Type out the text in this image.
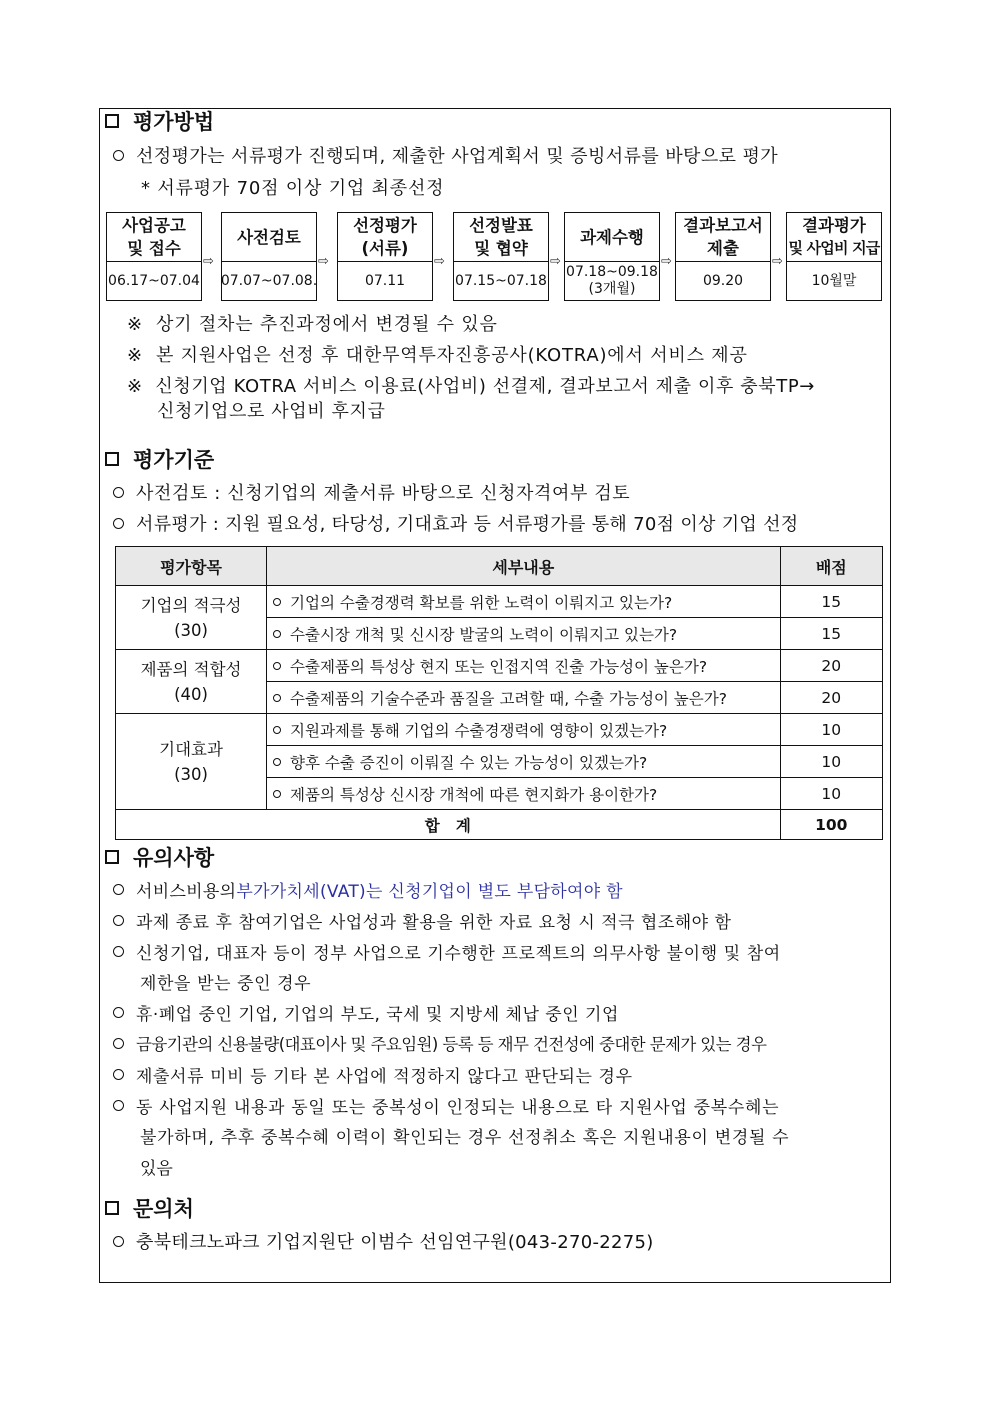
평가방법
선정평가는 서류평가 진행되며, 제출한 사업계획서 및 증빙서류를 바탕으로 평가
* 서류평가 70점 이상 기업 최종선정
사업공고
및 접수
06.17~07.04
⇨
사전검토
07.07~07.08.
⇨
선정평가
(서류)
07.11
⇨
선정발표
및 협약
07.15~07.18
⇨
과제수행
07.18~09.18
(3개월)
⇨
결과보고서
제출
09.20
⇨
결과평가
및 사업비 지급
10월말
※ 상기 절차는 추진과정에서 변경될 수 있음
※ 본 지원사업은 선정 후 대한무역투자진흥공사(KOTRA)에서 서비스 제공
※ 신청기업 KOTRA 서비스 이용료(사업비) 선결제, 결과보고서 제출 이후 충북TP→
신청기업으로 사업비 후지급
평가기준
사전검토 : 신청기업의 제출서류 바탕으로 신청자격여부 검토
서류평가 : 지원 필요성, 타당성, 기대효과 등 서류평가를 통해 70점 이상 기업 선정
평가항목	세부내용	배점

기업의 적극성
(30)	기업의 수출경쟁력 확보를 위한 노력이 이뤄지고 있는가?	15
	수출시장 개척 및 신시장 발굴의 노력이 이뤄지고 있는가?	15

제품의 적합성
(40)	수출제품의 특성상 현지 또는 인접지역 진출 가능성이 높은가?	20
	수출제품의 기술수준과 품질을 고려할 때, 수출 가능성이 높은가?	20

기대효과
(30)	지원과제를 통해 기업의 수출경쟁력에 영향이 있겠는가?	10
	향후 수출 증진이 이뤄질 수 있는 가능성이 있겠는가?	10
	제품의 특성상 신시장 개척에 따른 현지화가 용이한가?	10
합   계		100
유의사항
서비스비용의 부가가치세(VAT)는 신청기업이 별도 부담하여야 함
과제 종료 후 참여기업은 사업성과 활용을 위한 자료 요청 시 적극 협조해야 함
신청기업, 대표자 등이 정부 사업으로 기수행한 프로젝트의 의무사항 불이행 및 참여
제한을 받는 중인 경우
휴·폐업 중인 기업, 기업의 부도, 국세 및 지방세 체납 중인 기업
금융기관의 신용불량(대표이사 및 주요임원) 등록 등 재무 건전성에 중대한 문제가 있는 경우
제출서류 미비 등 기타 본 사업에 적정하지 않다고 판단되는 경우
동 사업지원 내용과 동일 또는 중복성이 인정되는 내용으로 타 지원사업 중복수혜는
불가하며, 추후 중복수혜 이력이 확인되는 경우 선정취소 혹은 지원내용이 변경될 수
있음
문의처
충북테크노파크 기업지원단 이범수 선임연구원(043-270-2275)
